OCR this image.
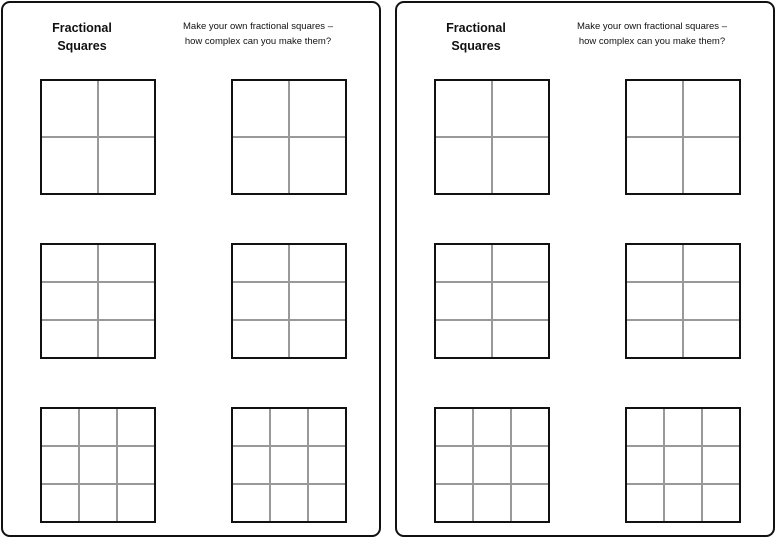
Fractional
Squares
Make your own fractional squares –
how complex can you make them?
Fractional
Squares
Make your own fractional squares –
how complex can you make them?
